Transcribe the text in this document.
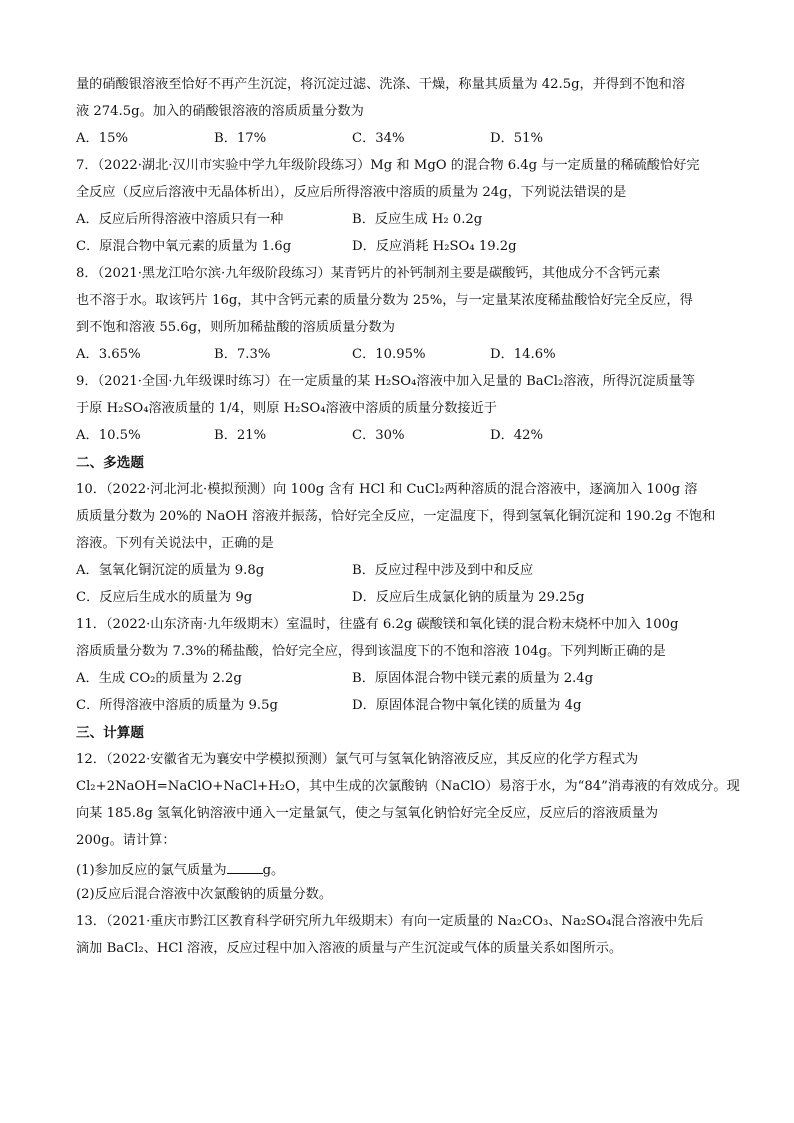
量的硝酸银溶液至恰好不再产生沉淀，将沉淀过滤、洗涤、干燥，称量其质量为 42.5g，并得到不饱和溶
液 274.5g。加入的硝酸银溶液的溶质质量分数为
A．15%	B．17%	C．34%	D．51%
7．（2022·湖北·汉川市实验中学九年级阶段练习）Mg 和 MgO 的混合物 6.4g 与一定质量的稀硫酸恰好完
全反应（反应后溶液中无晶体析出），反应后所得溶液中溶质的质量为 24g，下列说法错误的是
A．反应后所得溶液中溶质只有一种	B．反应生成 H₂ 0.2g
C．原混合物中氧元素的质量为 1.6g	D．反应消耗 H₂SO₄ 19.2g
8．（2021·黑龙江哈尔滨·九年级阶段练习）某青钙片的补钙制剂主要是碳酸钙，其他成分不含钙元素
也不溶于水。取该钙片 16g，其中含钙元素的质量分数为 25%，与一定量某浓度稀盐酸恰好完全反应，得
到不饱和溶液 55.6g，则所加稀盐酸的溶质质量分数为
A．3.65%	B．7.3%	C．10.95%	D．14.6%
9．（2021·全国·九年级课时练习）在一定质量的某 H₂SO₄溶液中加入足量的 BaCl₂溶液，所得沉淀质量等
于原 H₂SO₄溶液质量的 1/4，则原 H₂SO₄溶液中溶质的质量分数接近于
A．10.5%	B．21%	C．30%	D．42%
二、多选题
10．（2022·河北河北·模拟预测）向 100g 含有 HCl 和 CuCl₂两种溶质的混合溶液中，逐滴加入 100g 溶
质质量分数为 20%的 NaOH 溶液并振荡，恰好完全反应，一定温度下，得到氢氧化铜沉淀和 190.2g 不饱和
溶液。下列有关说法中，正确的是
A．氢氧化铜沉淀的质量为 9.8g	B．反应过程中涉及到中和反应
C．反应后生成水的质量为 9g	D．反应后生成氯化钠的质量为 29.25g
11．（2022·山东济南·九年级期末）室温时，往盛有 6.2g 碳酸镁和氧化镁的混合粉末烧杯中加入 100g
溶质质量分数为 7.3%的稀盐酸，恰好完全应，得到该温度下的不饱和溶液 104g。下列判断正确的是
A．生成 CO₂的质量为 2.2g	B．原固体混合物中镁元素的质量为 2.4g
C．所得溶液中溶质的质量为 9.5g	D．原固体混合物中氧化镁的质量为 4g
三、计算题
12．（2022·安徽省无为襄安中学模拟预测）氯气可与氢氧化钠溶液反应，其反应的化学方程式为
Cl₂+2NaOH=NaClO+NaCl+H₂O，其中生成的次氯酸钠（NaClO）易溶于水，为“84”消毒液的有效成分。现
向某 185.8g 氢氧化钠溶液中通入一定量氯气，使之与氢氧化钠恰好完全反应，反应后的溶液质量为
200g。请计算：
(1)参加反应的氯气质量为	g。
(2)反应后混合溶液中次氯酸钠的质量分数。
13．（2021·重庆市黔江区教育科学研究所九年级期末）有向一定质量的 Na₂CO₃、Na₂SO₄混合溶液中先后
滴加 BaCl₂、HCl 溶液，反应过程中加入溶液的质量与产生沉淀或气体的质量关系如图所示。
